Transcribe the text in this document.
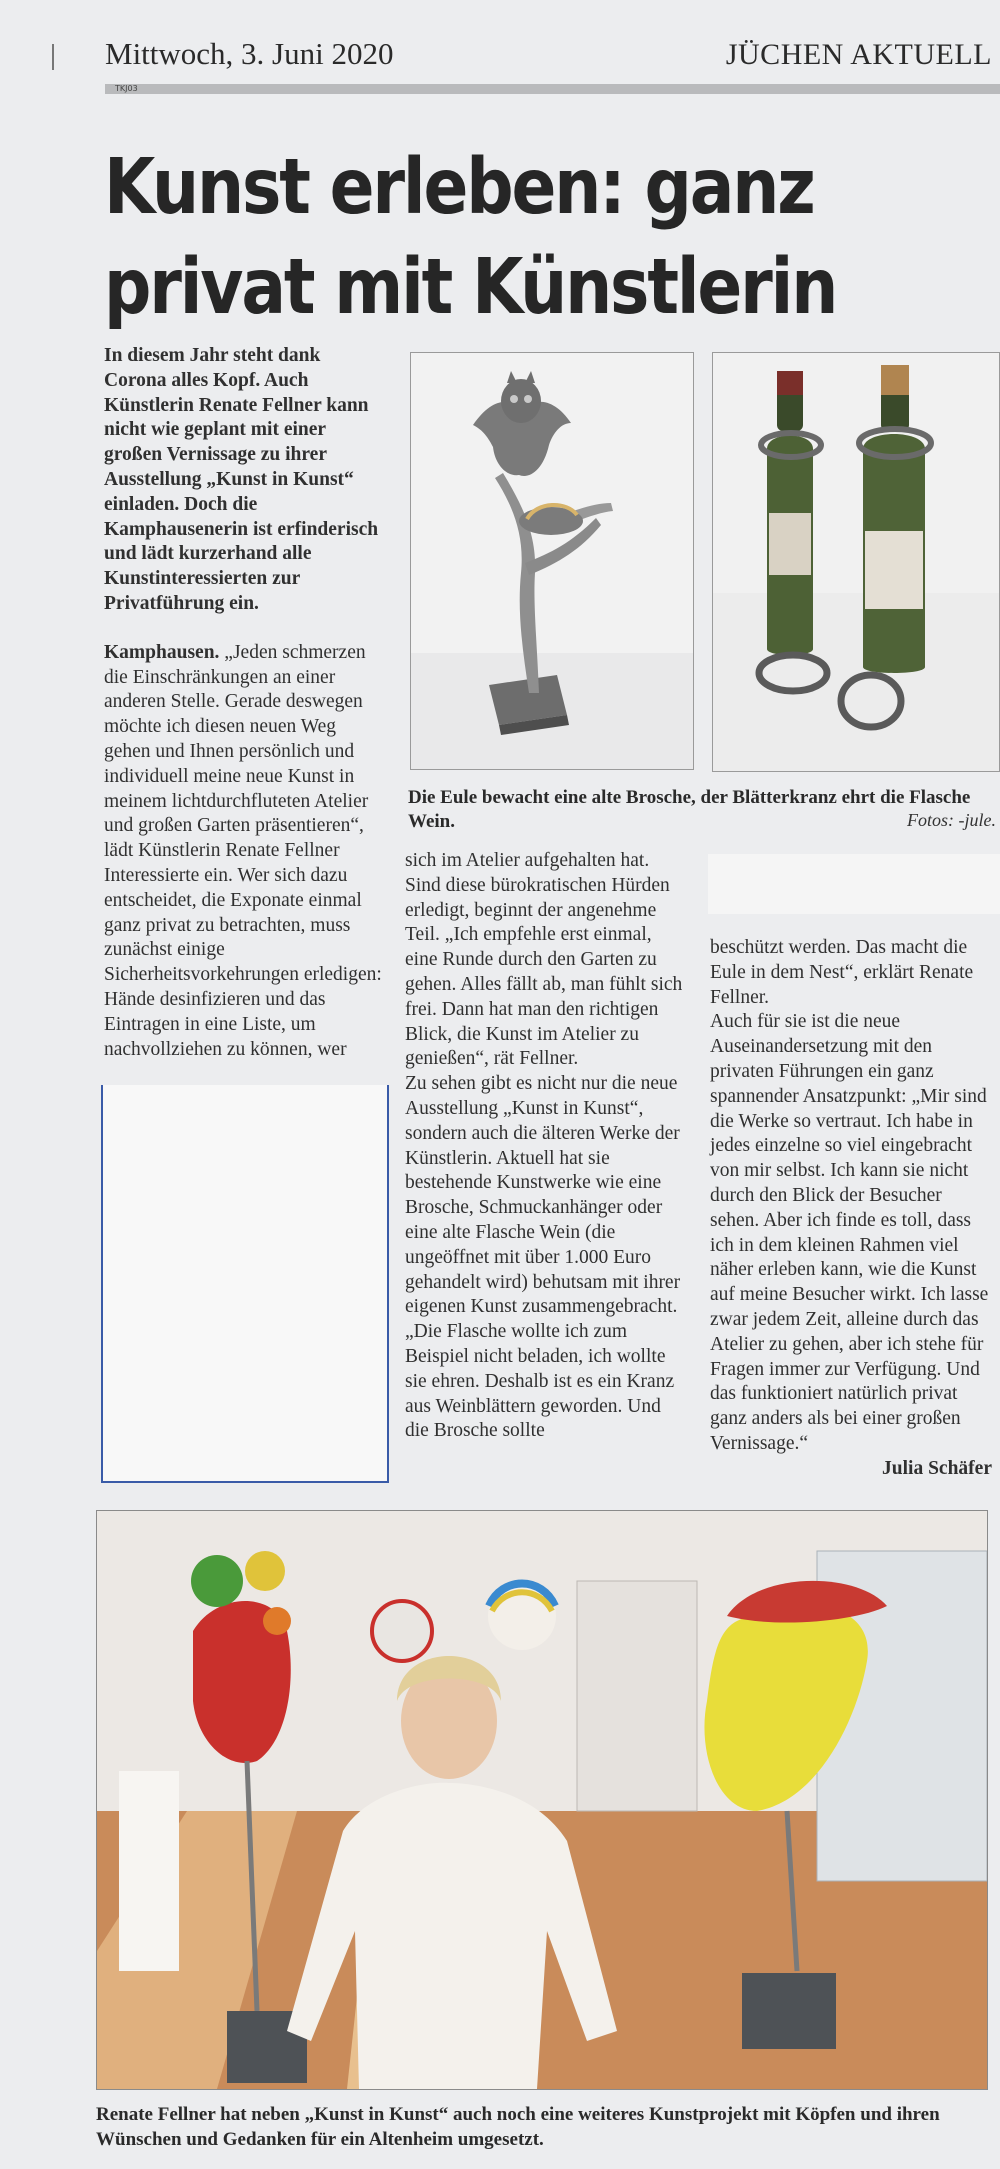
Mittwoch, 3. Juni 2020	JÜCHEN AKTUELL
TKJ03
Kunst erleben: ganz
privat mit Künstlerin

In diesem Jahr steht dank Corona alles Kopf. Auch Künstlerin Renate Fellner kann nicht wie geplant mit einer großen Vernissage zu ihrer Ausstellung „Kunst in Kunst“ einladen. Doch die Kamphausenerin ist erfinderisch und lädt kurzerhand alle Kunstinteressierten zur Privatführung ein.

Kamphausen. „Jeden schmerzen die Einschränkungen an einer anderen Stelle. Gerade deswegen möchte ich diesen neuen Weg gehen und Ihnen persönlich und individuell meine neue Kunst in meinem lichtdurchfluteten Atelier und großen Garten präsentieren“, lädt Künstlerin Renate Fellner Interessierte ein. Wer sich dazu entscheidet, die Exponate einmal ganz privat zu betrachten, muss zunächst einige Sicherheitsvorkehrungen erledigen: Hände desinfizieren und das Eintragen in eine Liste, um nachvollziehen zu können, wer

Die Eule bewacht eine alte Brosche, der Blätterkranz ehrt die Flasche Wein.	Fotos: -jule.

sich im Atelier aufgehalten hat. Sind diese bürokratischen Hürden erledigt, beginnt der angenehme Teil. „Ich empfehle erst einmal, eine Runde durch den Garten zu gehen. Alles fällt ab, man fühlt sich frei. Dann hat man den richtigen Blick, die Kunst im Atelier zu genießen“, rät Fellner.

Zu sehen gibt es nicht nur die neue Ausstellung „Kunst in Kunst“, sondern auch die älteren Werke der Künstlerin. Aktuell hat sie bestehende Kunstwerke wie eine Brosche, Schmuckanhänger oder eine alte Flasche Wein (die ungeöffnet mit über 1.000 Euro gehandelt wird) behutsam mit ihrer eigenen Kunst zusammengebracht. „Die Flasche wollte ich zum Beispiel nicht beladen, ich wollte sie ehren. Deshalb ist es ein Kranz aus Weinblättern geworden. Und die Brosche sollte

beschützt werden. Das macht die Eule in dem Nest“, erklärt Renate Fellner.

Auch für sie ist die neue Auseinandersetzung mit den privaten Führungen ein ganz spannender Ansatzpunkt: „Mir sind die Werke so vertraut. Ich habe in jedes einzelne so viel eingebracht von mir selbst. Ich kann sie nicht durch den Blick der Besucher sehen. Aber ich finde es toll, dass ich in dem kleinen Rahmen viel näher erleben kann, wie die Kunst auf meine Besucher wirkt. Ich lasse zwar jedem Zeit, alleine durch das Atelier zu gehen, aber ich stehe für Fragen immer zur Verfügung. Und das funktioniert natürlich privat ganz anders als bei einer großen Vernissage.“

Julia Schäfer

Renate Fellner hat neben „Kunst in Kunst“ auch noch eine weiteres Kunstprojekt mit Köpfen und ihren Wünschen und Gedanken für ein Altenheim umgesetzt.
